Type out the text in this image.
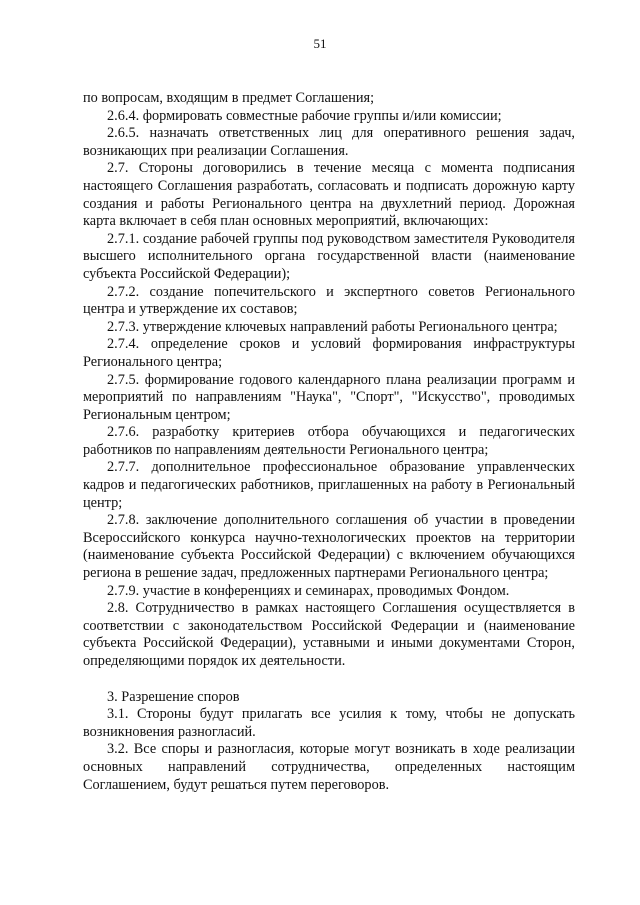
51

по вопросам, входящим в предмет Соглашения;

2.6.4. формировать совместные рабочие группы и/или комиссии;

2.6.5. назначать ответственных лиц для оперативного решения задач, возникающих при реализации Соглашения.

2.7. Стороны договорились в течение месяца с момента подписания настоящего Соглашения разработать, согласовать и подписать дорожную карту создания и работы Регионального центра на двухлетний период. Дорожная карта включает в себя план основных мероприятий, включающих:

2.7.1. создание рабочей группы под руководством заместителя Руководителя высшего исполнительного органа государственной власти (наименование субъекта Российской Федерации);

2.7.2. создание попечительского и экспертного советов Регионального центра и утверждение их составов;

2.7.3. утверждение ключевых направлений работы Регионального центра;

2.7.4. определение сроков и условий формирования инфраструктуры Регионального центра;

2.7.5. формирование годового календарного плана реализации программ и мероприятий по направлениям "Наука", "Спорт", "Искусство", проводимых Региональным центром;

2.7.6. разработку критериев отбора обучающихся и педагогических работников по направлениям деятельности Регионального центра;

2.7.7. дополнительное профессиональное образование управленческих кадров и педагогических работников, приглашенных на работу в Региональный центр;

2.7.8. заключение дополнительного соглашения об участии в проведении Всероссийского конкурса научно-технологических проектов на территории (наименование субъекта Российской Федерации) с включением обучающихся региона в решение задач, предложенных партнерами Регионального центра;

2.7.9. участие в конференциях и семинарах, проводимых Фондом.

2.8. Сотрудничество в рамках настоящего Соглашения осуществляется в соответствии с законодательством Российской Федерации и (наименование субъекта Российской Федерации), уставными и иными документами Сторон, определяющими порядок их деятельности.

3. Разрешение споров

3.1. Стороны будут прилагать все усилия к тому, чтобы не допускать возникновения разногласий.

3.2. Все споры и разногласия, которые могут возникать в ходе реализации основных направлений сотрудничества, определенных настоящим Соглашением, будут решаться путем переговоров.
